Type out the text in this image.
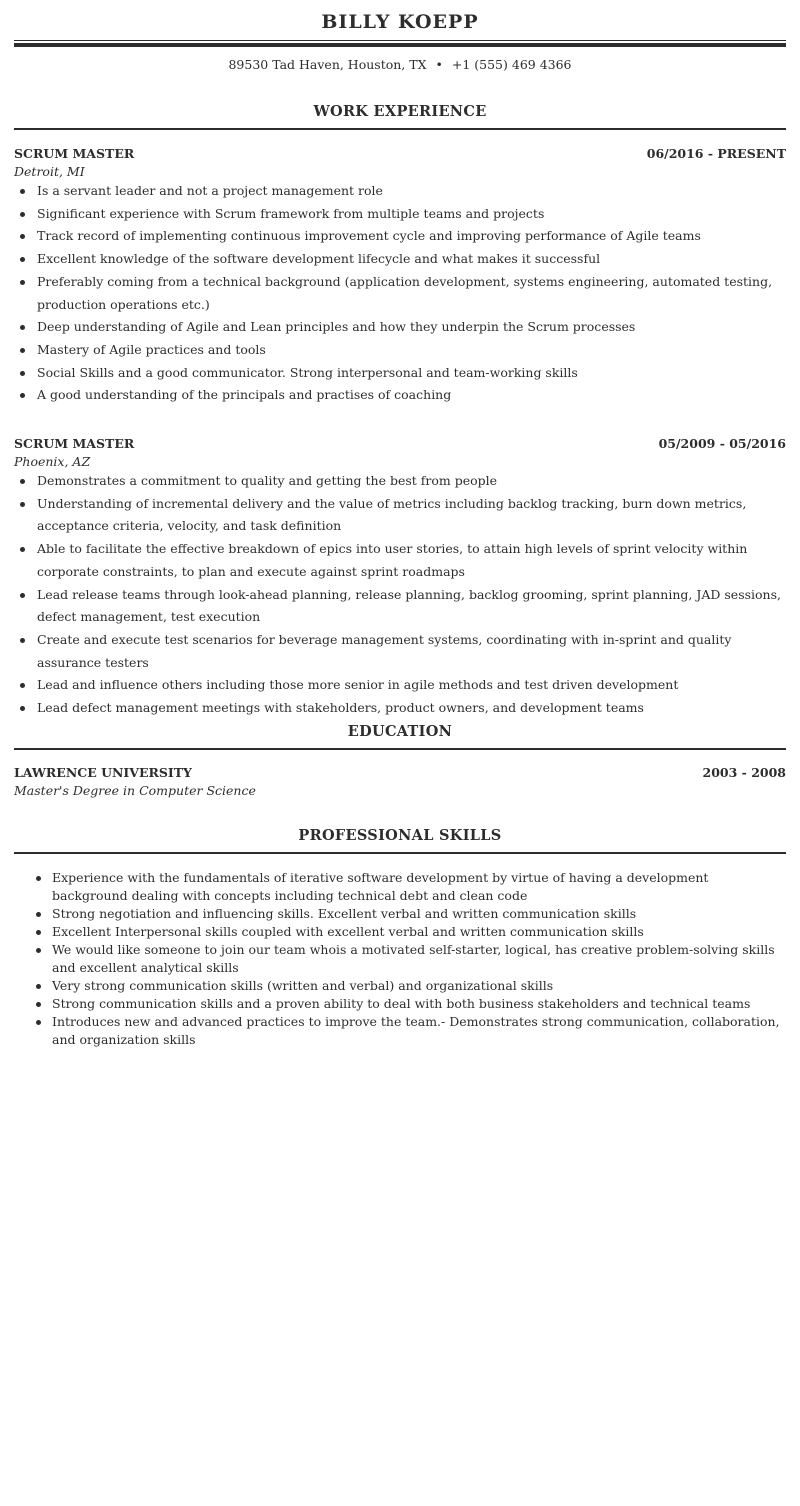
BILLY KOEPP
89530 Tad Haven, Houston, TX • +1 (555) 469 4366
WORK EXPERIENCE
SCRUM MASTER	06/2016 - PRESENT
Detroit, MI
Is a servant leader and not a project management role
Significant experience with Scrum framework from multiple teams and projects
Track record of implementing continuous improvement cycle and improving performance of Agile teams
Excellent knowledge of the software development lifecycle and what makes it successful
Preferably coming from a technical background (application development, systems engineering, automated testing, production operations etc.)
Deep understanding of Agile and Lean principles and how they underpin the Scrum processes
Mastery of Agile practices and tools
Social Skills and a good communicator. Strong interpersonal and team-working skills
A good understanding of the principals and practises of coaching
SCRUM MASTER	05/2009 - 05/2016
Phoenix, AZ
Demonstrates a commitment to quality and getting the best from people
Understanding of incremental delivery and the value of metrics including backlog tracking, burn down metrics, acceptance criteria, velocity, and task definition
Able to facilitate the effective breakdown of epics into user stories, to attain high levels of sprint velocity within corporate constraints, to plan and execute against sprint roadmaps
Lead release teams through look-ahead planning, release planning, backlog grooming, sprint planning, JAD sessions, defect management, test execution
Create and execute test scenarios for beverage management systems, coordinating with in-sprint and quality assurance testers
Lead and influence others including those more senior in agile methods and test driven development
Lead defect management meetings with stakeholders, product owners, and development teams
EDUCATION
LAWRENCE UNIVERSITY	2003 - 2008
Master's Degree in Computer Science
PROFESSIONAL SKILLS
Experience with the fundamentals of iterative software development by virtue of having a development background dealing with concepts including technical debt and clean code
Strong negotiation and influencing skills. Excellent verbal and written communication skills
Excellent Interpersonal skills coupled with excellent verbal and written communication skills
We would like someone to join our team whois a motivated self-starter, logical, has creative problem-solving skills and excellent analytical skills
Very strong communication skills (written and verbal) and organizational skills
Strong communication skills and a proven ability to deal with both business stakeholders and technical teams
Introduces new and advanced practices to improve the team.- Demonstrates strong communication, collaboration, and organization skills
